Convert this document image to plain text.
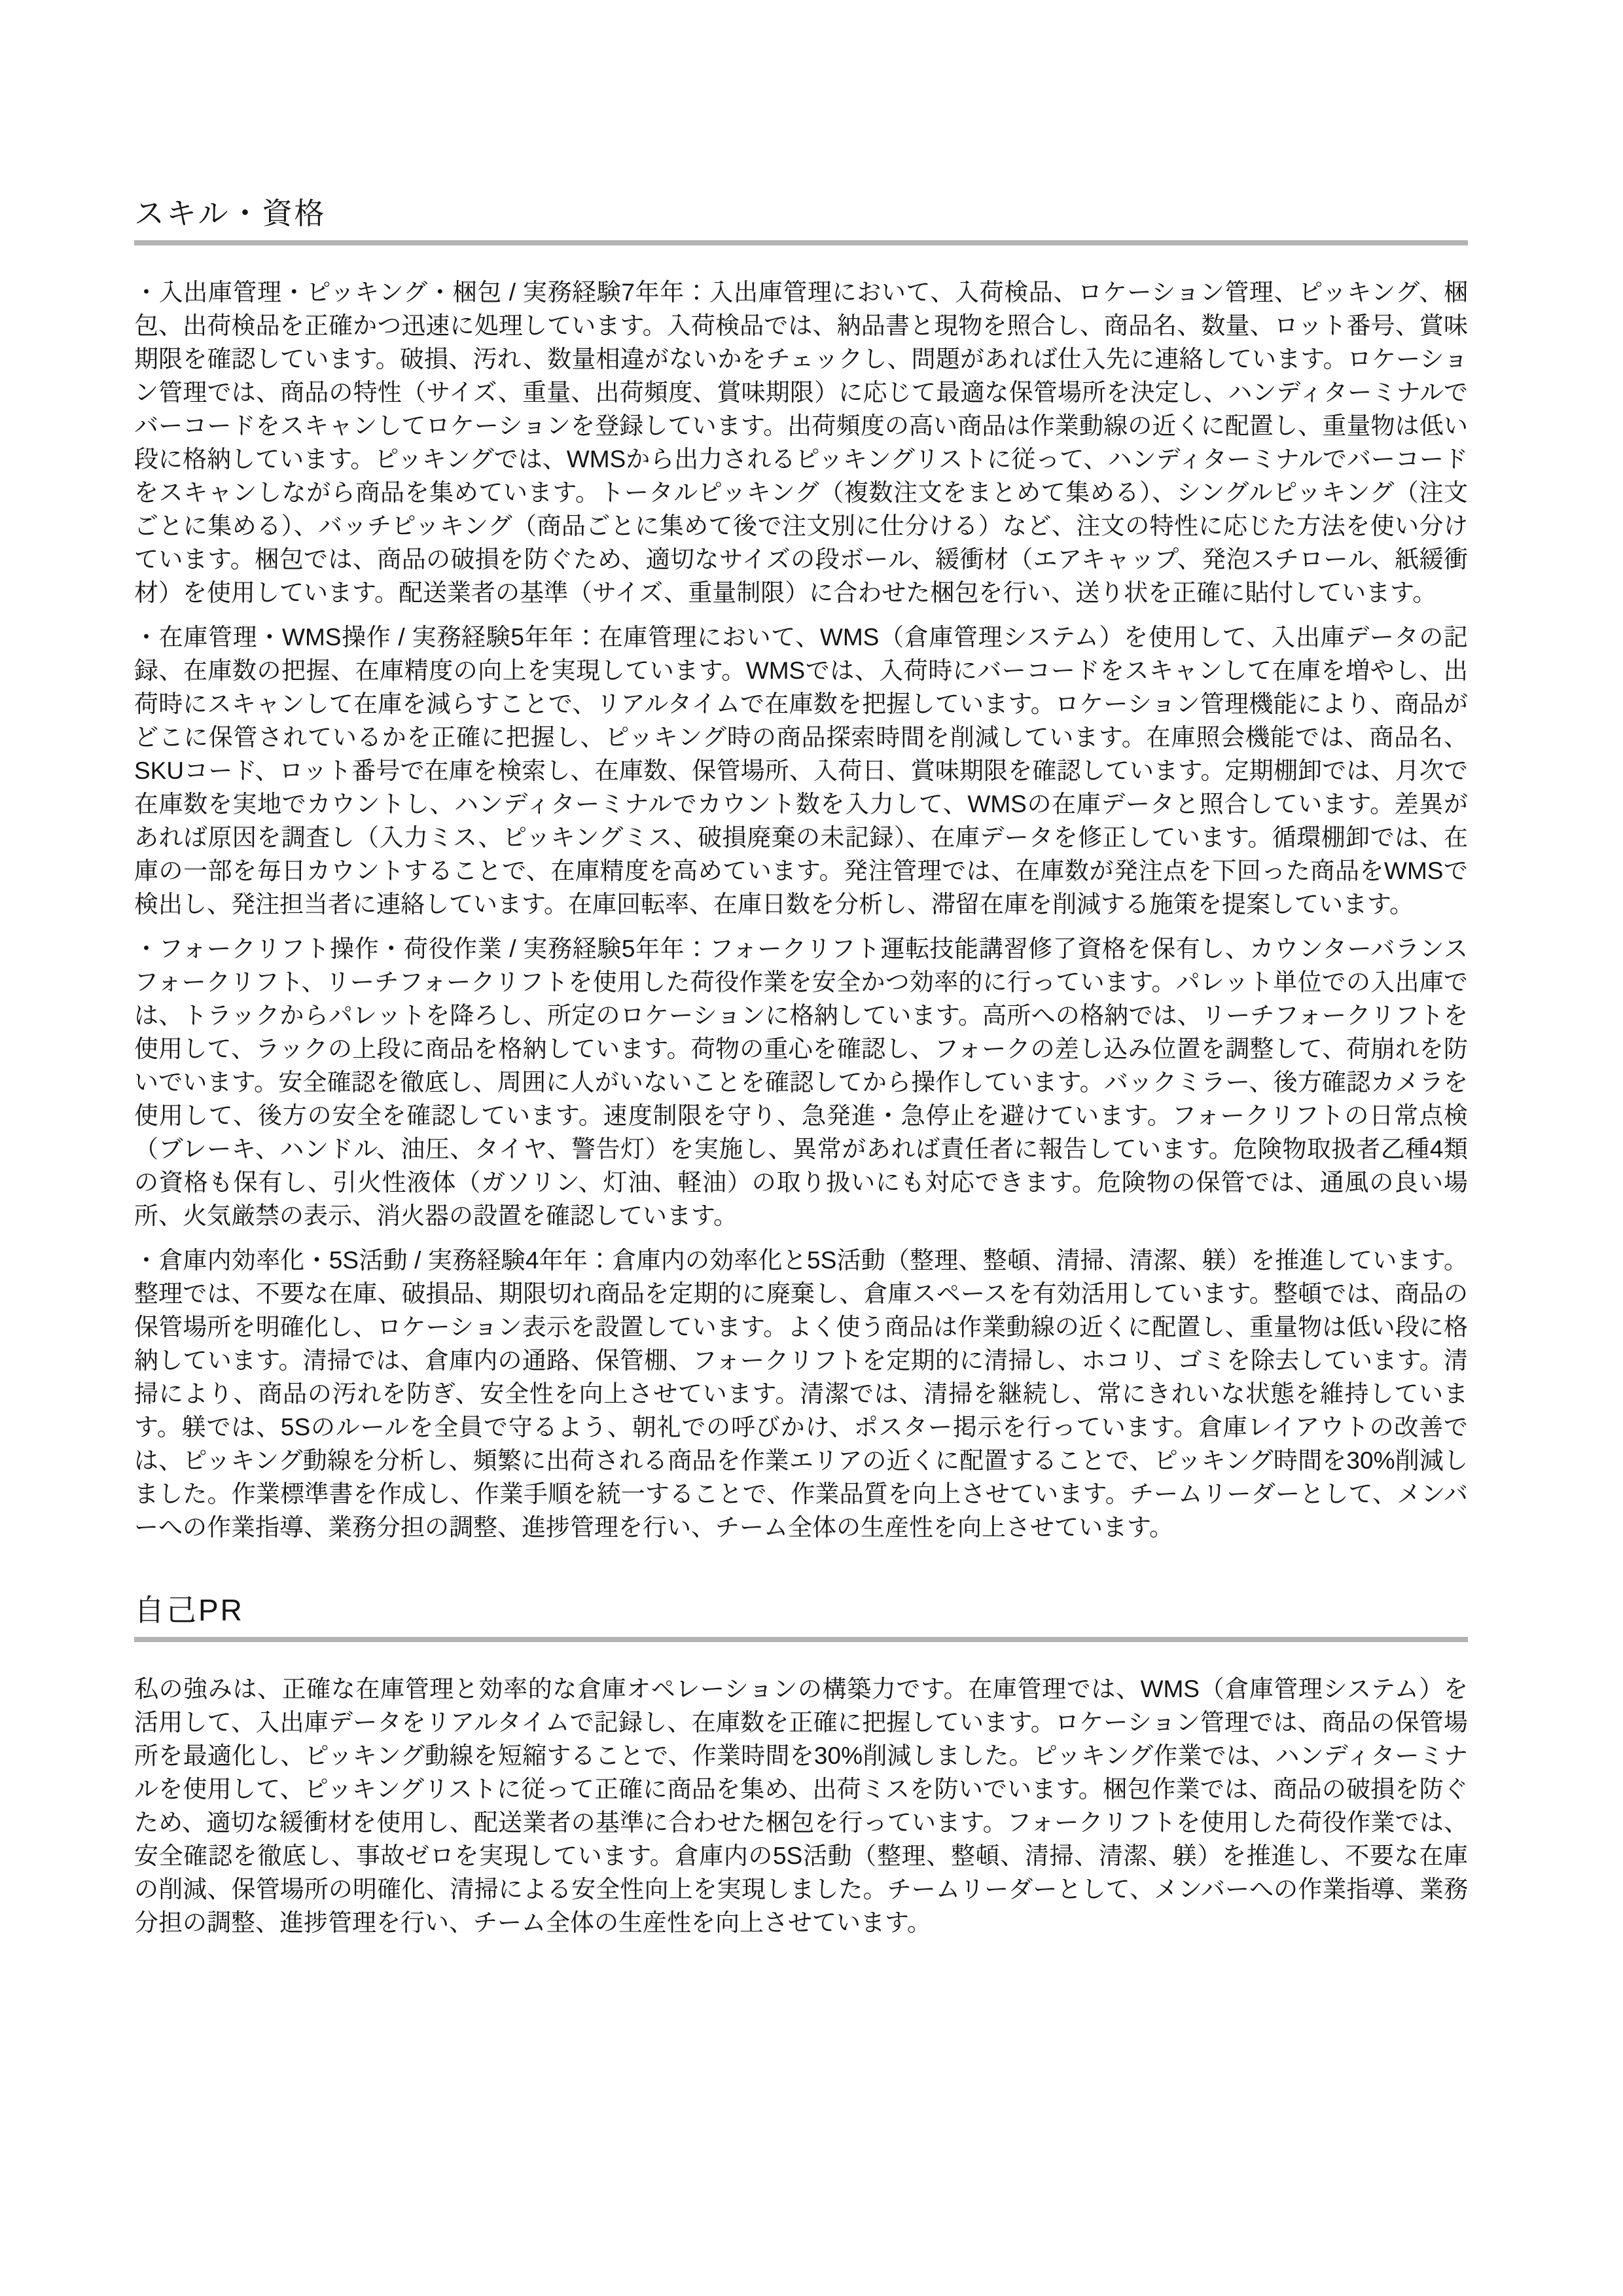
スキル・資格

・入出庫管理・ピッキング・梱包 / 実務経験7年年：入出庫管理において、入荷検品、ロケーション管理、ピッキング、梱包、出荷検品を正確かつ迅速に処理しています。入荷検品では、納品書と現物を照合し、商品名、数量、ロット番号、賞味期限を確認しています。破損、汚れ、数量相違がないかをチェックし、問題があれば仕入先に連絡しています。ロケーション管理では、商品の特性（サイズ、重量、出荷頻度、賞味期限）に応じて最適な保管場所を決定し、ハンディターミナルでバーコードをスキャンしてロケーションを登録しています。出荷頻度の高い商品は作業動線の近くに配置し、重量物は低い段に格納しています。ピッキングでは、WMSから出力されるピッキングリストに従って、ハンディターミナルでバーコードをスキャンしながら商品を集めています。トータルピッキング（複数注文をまとめて集める）、シングルピッキング（注文ごとに集める）、バッチピッキング（商品ごとに集めて後で注文別に仕分ける）など、注文の特性に応じた方法を使い分けています。梱包では、商品の破損を防ぐため、適切なサイズの段ボール、緩衝材（エアキャップ、発泡スチロール、紙緩衝材）を使用しています。配送業者の基準（サイズ、重量制限）に合わせた梱包を行い、送り状を正確に貼付しています。

・在庫管理・WMS操作 / 実務経験5年年：在庫管理において、WMS（倉庫管理システム）を使用して、入出庫データの記録、在庫数の把握、在庫精度の向上を実現しています。WMSでは、入荷時にバーコードをスキャンして在庫を増やし、出荷時にスキャンして在庫を減らすことで、リアルタイムで在庫数を把握しています。ロケーション管理機能により、商品がどこに保管されているかを正確に把握し、ピッキング時の商品探索時間を削減しています。在庫照会機能では、商品名、SKUコード、ロット番号で在庫を検索し、在庫数、保管場所、入荷日、賞味期限を確認しています。定期棚卸では、月次で在庫数を実地でカウントし、ハンディターミナルでカウント数を入力して、WMSの在庫データと照合しています。差異があれば原因を調査し（入力ミス、ピッキングミス、破損廃棄の未記録）、在庫データを修正しています。循環棚卸では、在庫の一部を毎日カウントすることで、在庫精度を高めています。発注管理では、在庫数が発注点を下回った商品をWMSで検出し、発注担当者に連絡しています。在庫回転率、在庫日数を分析し、滞留在庫を削減する施策を提案しています。

・フォークリフト操作・荷役作業 / 実務経験5年年：フォークリフト運転技能講習修了資格を保有し、カウンターバランスフォークリフト、リーチフォークリフトを使用した荷役作業を安全かつ効率的に行っています。パレット単位での入出庫では、トラックからパレットを降ろし、所定のロケーションに格納しています。高所への格納では、リーチフォークリフトを使用して、ラックの上段に商品を格納しています。荷物の重心を確認し、フォークの差し込み位置を調整して、荷崩れを防いでいます。安全確認を徹底し、周囲に人がいないことを確認してから操作しています。バックミラー、後方確認カメラを使用して、後方の安全を確認しています。速度制限を守り、急発進・急停止を避けています。フォークリフトの日常点検（ブレーキ、ハンドル、油圧、タイヤ、警告灯）を実施し、異常があれば責任者に報告しています。危険物取扱者乙種4類の資格も保有し、引火性液体（ガソリン、灯油、軽油）の取り扱いにも対応できます。危険物の保管では、通風の良い場所、火気厳禁の表示、消火器の設置を確認しています。

・倉庫内効率化・5S活動 / 実務経験4年年：倉庫内の効率化と5S活動（整理、整頓、清掃、清潔、躾）を推進しています。整理では、不要な在庫、破損品、期限切れ商品を定期的に廃棄し、倉庫スペースを有効活用しています。整頓では、商品の保管場所を明確化し、ロケーション表示を設置しています。よく使う商品は作業動線の近くに配置し、重量物は低い段に格納しています。清掃では、倉庫内の通路、保管棚、フォークリフトを定期的に清掃し、ホコリ、ゴミを除去しています。清掃により、商品の汚れを防ぎ、安全性を向上させています。清潔では、清掃を継続し、常にきれいな状態を維持しています。躾では、5Sのルールを全員で守るよう、朝礼での呼びかけ、ポスター掲示を行っています。倉庫レイアウトの改善では、ピッキング動線を分析し、頻繁に出荷される商品を作業エリアの近くに配置することで、ピッキング時間を30%削減しました。作業標準書を作成し、作業手順を統一することで、作業品質を向上させています。チームリーダーとして、メンバーへの作業指導、業務分担の調整、進捗管理を行い、チーム全体の生産性を向上させています。

自己PR

私の強みは、正確な在庫管理と効率的な倉庫オペレーションの構築力です。在庫管理では、WMS（倉庫管理システム）を活用して、入出庫データをリアルタイムで記録し、在庫数を正確に把握しています。ロケーション管理では、商品の保管場所を最適化し、ピッキング動線を短縮することで、作業時間を30%削減しました。ピッキング作業では、ハンディターミナルを使用して、ピッキングリストに従って正確に商品を集め、出荷ミスを防いでいます。梱包作業では、商品の破損を防ぐため、適切な緩衝材を使用し、配送業者の基準に合わせた梱包を行っています。フォークリフトを使用した荷役作業では、安全確認を徹底し、事故ゼロを実現しています。倉庫内の5S活動（整理、整頓、清掃、清潔、躾）を推進し、不要な在庫の削減、保管場所の明確化、清掃による安全性向上を実現しました。チームリーダーとして、メンバーへの作業指導、業務分担の調整、進捗管理を行い、チーム全体の生産性を向上させています。
